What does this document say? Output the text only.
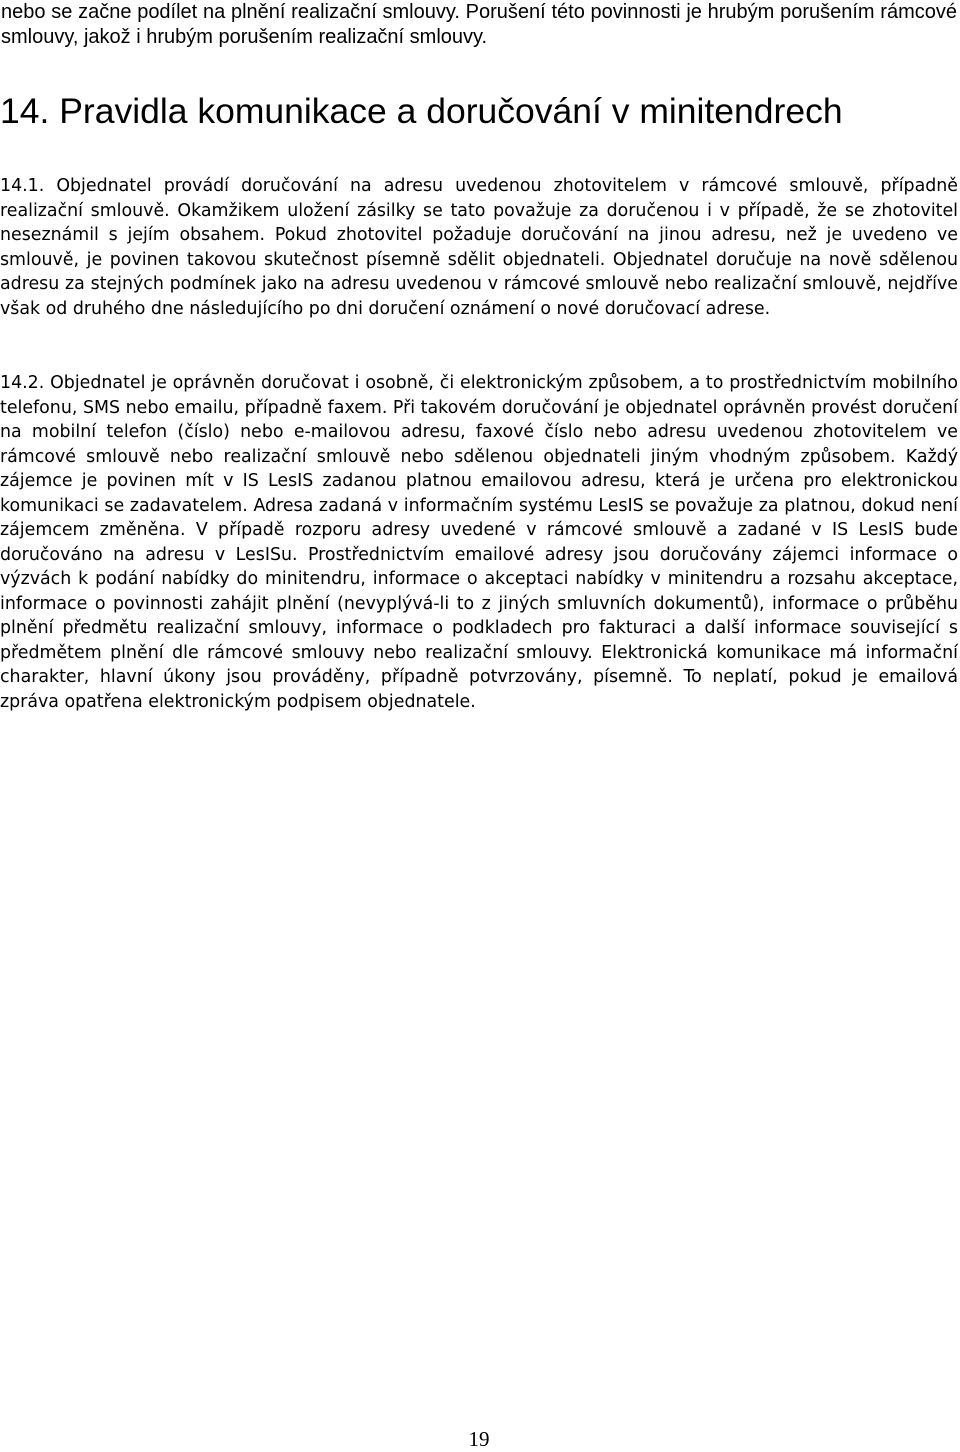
nebo se začne podílet na plnění realizační smlouvy. Porušení této povinnosti je hrubým porušením rámcové smlouvy, jakož i hrubým porušením realizační smlouvy.

14. Pravidla komunikace a doručování v minitendrech

14.1. Objednatel provádí doručování na adresu uvedenou zhotovitelem v rámcové smlouvě, případně realizační smlouvě. Okamžikem uložení zásilky se tato považuje za doručenou i v případě, že se zhotovitel neseznámil s jejím obsahem. Pokud zhotovitel požaduje doručování na jinou adresu, než je uvedeno ve smlouvě, je povinen takovou skutečnost písemně sdělit objednateli. Objednatel doručuje na nově sdělenou adresu za stejných podmínek jako na adresu uvedenou v rámcové smlouvě nebo realizační smlouvě, nejdříve však od druhého dne následujícího po dni doručení oznámení o nové doručovací adrese.

14.2. Objednatel je oprávněn doručovat i osobně, či elektronickým způsobem, a to prostřednictvím mobilního telefonu, SMS nebo emailu, případně faxem. Při takovém doručování je objednatel oprávněn provést doručení na mobilní telefon (číslo) nebo e-mailovou adresu, faxové číslo nebo adresu uvedenou zhotovitelem ve rámcové smlouvě nebo realizační smlouvě nebo sdělenou objednateli jiným vhodným způsobem. Každý zájemce je povinen mít v IS LesIS zadanou platnou emailovou adresu, která je určena pro elektronickou komunikaci se zadavatelem. Adresa zadaná v informačním systému LesIS se považuje za platnou, dokud není zájemcem změněna. V případě rozporu adresy uvedené v rámcové smlouvě a zadané v IS LesIS bude doručováno na adresu v LesISu. Prostřednictvím emailové adresy jsou doručovány zájemci informace o výzvách k podání nabídky do minitendru, informace o akceptaci nabídky v minitendru a rozsahu akceptace, informace o povinnosti zahájit plnění (nevyplývá-li to z jiných smluvních dokumentů), informace o průběhu plnění předmětu realizační smlouvy, informace o podkladech pro fakturaci a další informace související s předmětem plnění dle rámcové smlouvy nebo realizační smlouvy. Elektronická komunikace má informační charakter, hlavní úkony jsou prováděny, případně potvrzovány, písemně. To neplatí, pokud je emailová zpráva opatřena elektronickým podpisem objednatele.

19
